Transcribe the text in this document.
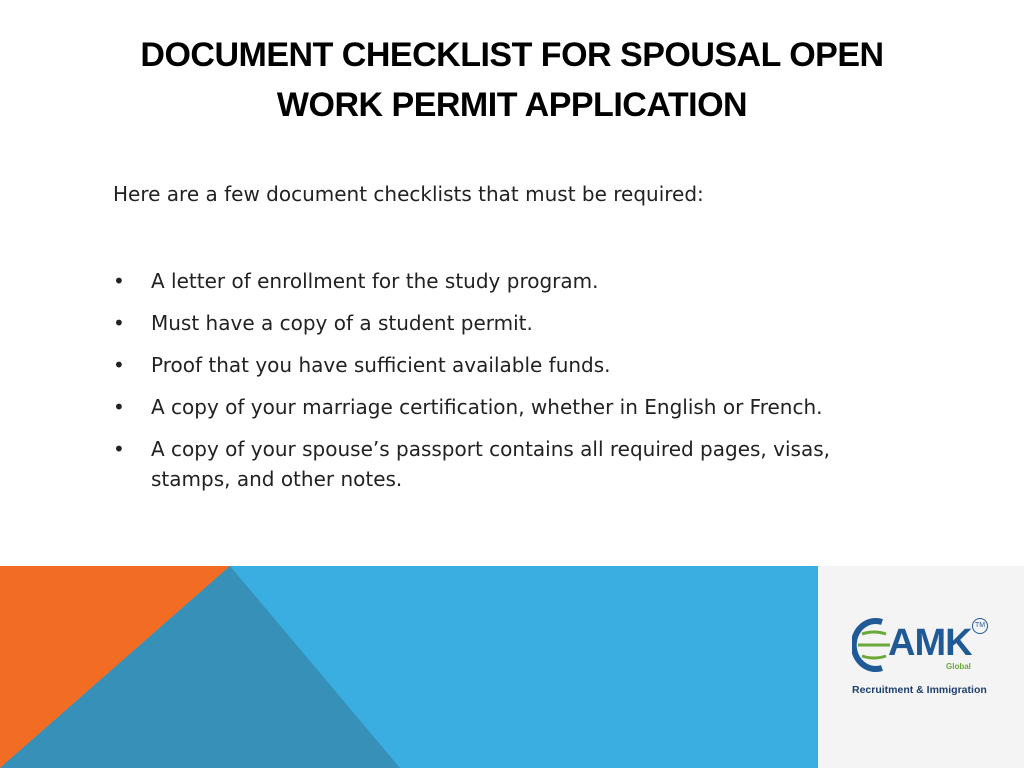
DOCUMENT CHECKLIST FOR SPOUSAL OPEN
WORK PERMIT APPLICATION

Here are a few document checklists that must be required:

• A letter of enrollment for the study program.
• Must have a copy of a student permit.
• Proof that you have sufficient available funds.
• A copy of your marriage certification, whether in English or French.
• A copy of your spouse’s passport contains all required pages, visas, stamps, and other notes.
AMK TM
Global
Recruitment & Immigration
